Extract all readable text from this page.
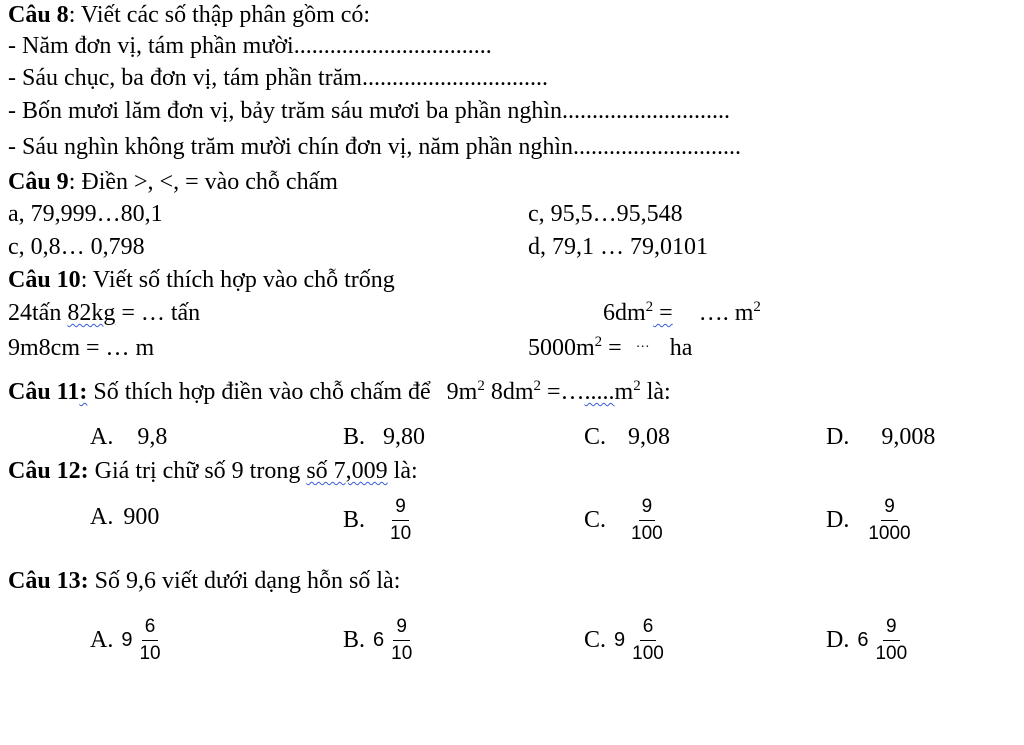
Câu 8: Viết các số thập phân gồm có:
- Năm đơn vị, tám phần mười.................................
- Sáu chục, ba đơn vị, tám phần trăm...............................
- Bốn mươi lăm đơn vị, bảy trăm sáu mươi ba phần nghìn............................
- Sáu nghìn không trăm mười chín đơn vị, năm phần nghìn............................
Câu 9: Điền >, <, = vào chỗ chấm
a, 79,999…80,1	c, 95,5…95,548
c, 0,8… 0,798	d, 79,1 … 79,0101
Câu 10: Viết số thích hợp vào chỗ trống
24tấn 82kg = … tấn	$6dm^2$ = …. $m^2$
9m8cm = … m	$5000m^2$ = ··· ha
Câu 11: Số thích hợp điền vào chỗ chấm để $9m^2$ $8dm^2$ $=\dots.....m^2$ là:
A. 9,8	B. 9,80	C. 9,08	D. 9,008
Câu 12: Giá trị chữ số 9 trong số 7,009 là:
A. 900	B. $\frac{9}{10}$	C. $\frac{9}{100}$	D. $\frac{9}{1000}$
Câu 13: Số 9,6 viết dưới dạng hỗn số là:
A. $9 \frac{6}{10}$	B. $6 \frac{9}{10}$	C. $9 \frac{6}{100}$	D. $6 \frac{9}{100}$
